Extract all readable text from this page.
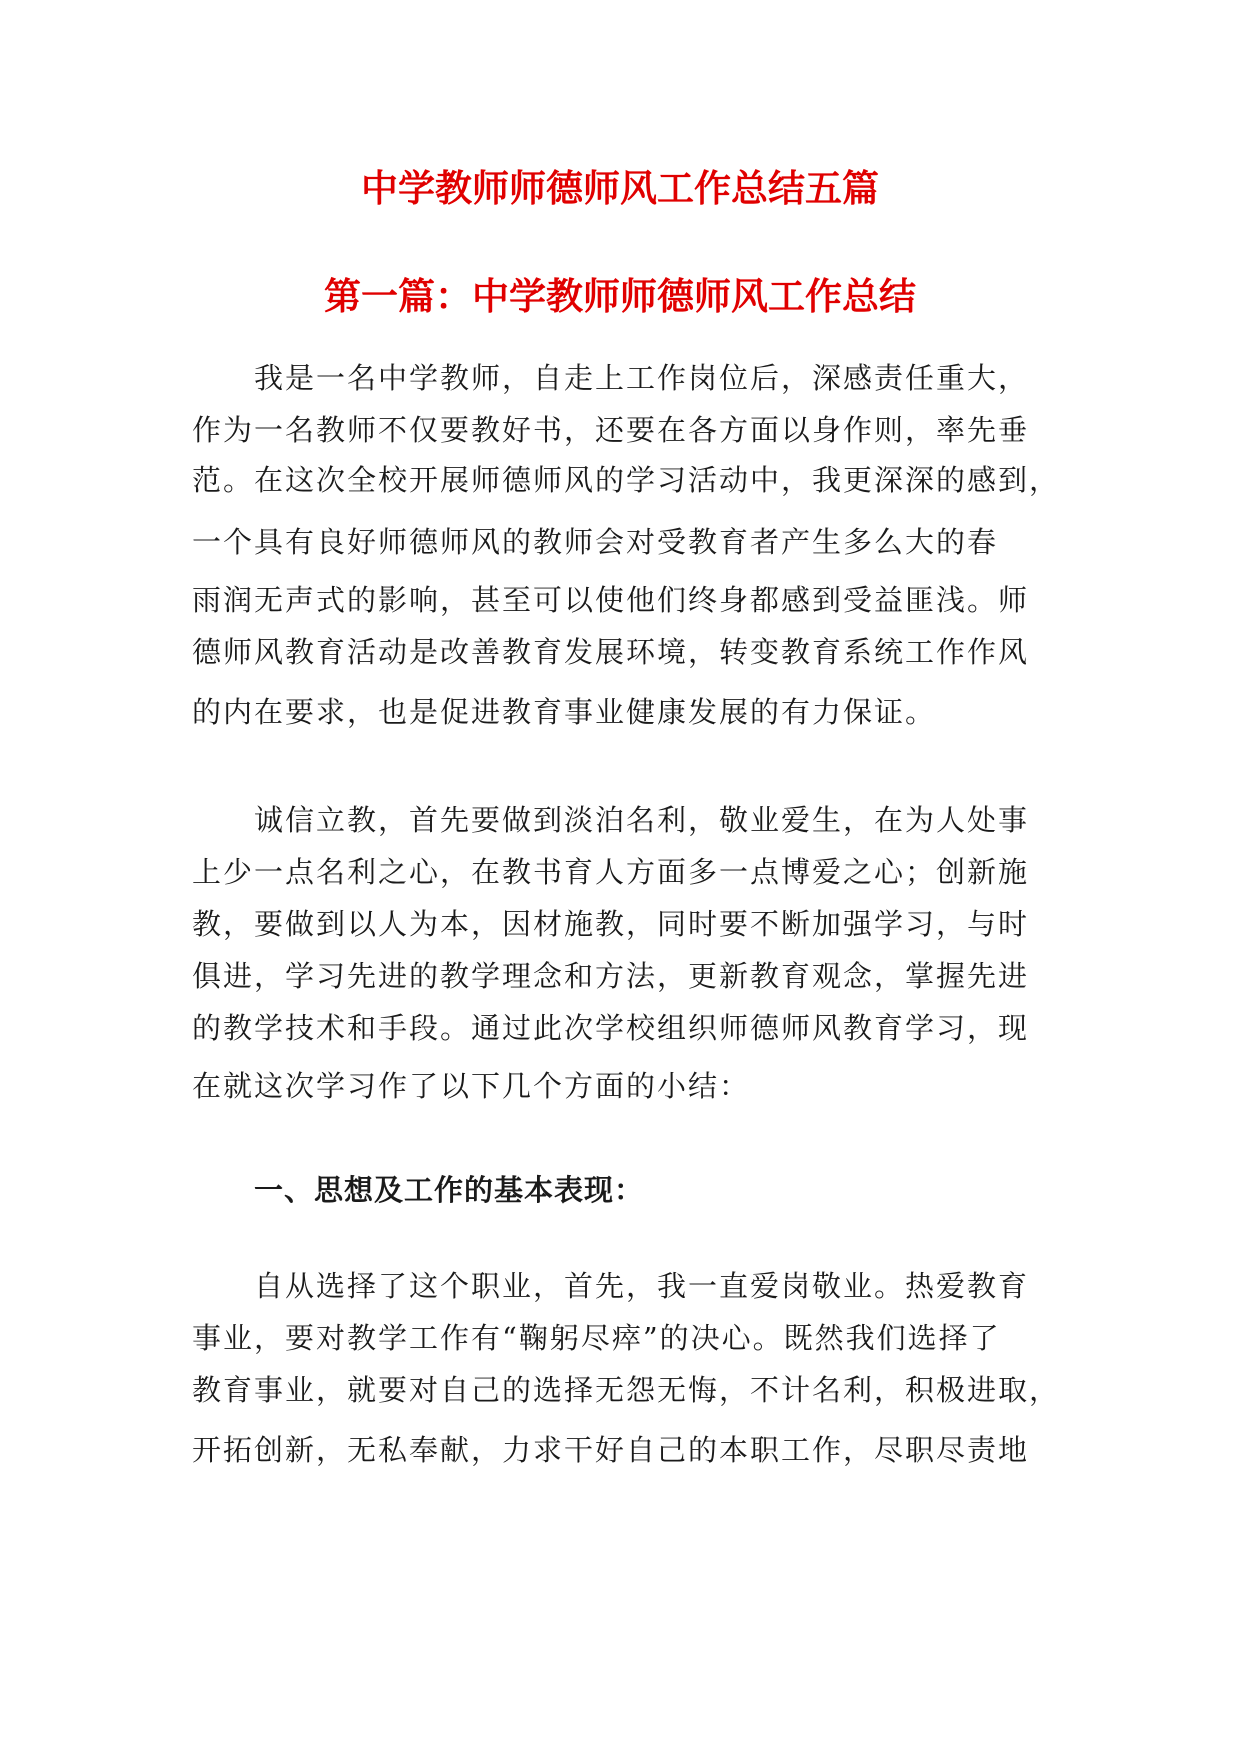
中学教师师德师风工作总结五篇
第一篇：中学教师师德师风工作总结
我是一名中学教师，自走上工作岗位后，深感责任重大，
作为一名教师不仅要教好书，还要在各方面以身作则，率先垂
范。在这次全校开展师德师风的学习活动中，我更深深的感到，
一个具有良好师德师风的教师会对受教育者产生多么大的春
雨润无声式的影响，甚至可以使他们终身都感到受益匪浅。师
德师风教育活动是改善教育发展环境，转变教育系统工作作风
的内在要求，也是促进教育事业健康发展的有力保证。
诚信立教，首先要做到淡泊名利，敬业爱生，在为人处事
上少一点名利之心，在教书育人方面多一点博爱之心；创新施
教，要做到以人为本，因材施教，同时要不断加强学习，与时
俱进，学习先进的教学理念和方法，更新教育观念，掌握先进
的教学技术和手段。通过此次学校组织师德师风教育学习，现
在就这次学习作了以下几个方面的小结：
一、思想及工作的基本表现：
自从选择了这个职业，首先，我一直爱岗敬业。热爱教育
事业，要对教学工作有“鞠躬尽瘁”的决心。既然我们选择了
教育事业，就要对自己的选择无怨无悔，不计名利，积极进取，
开拓创新，无私奉献，力求干好自己的本职工作，尽职尽责地
